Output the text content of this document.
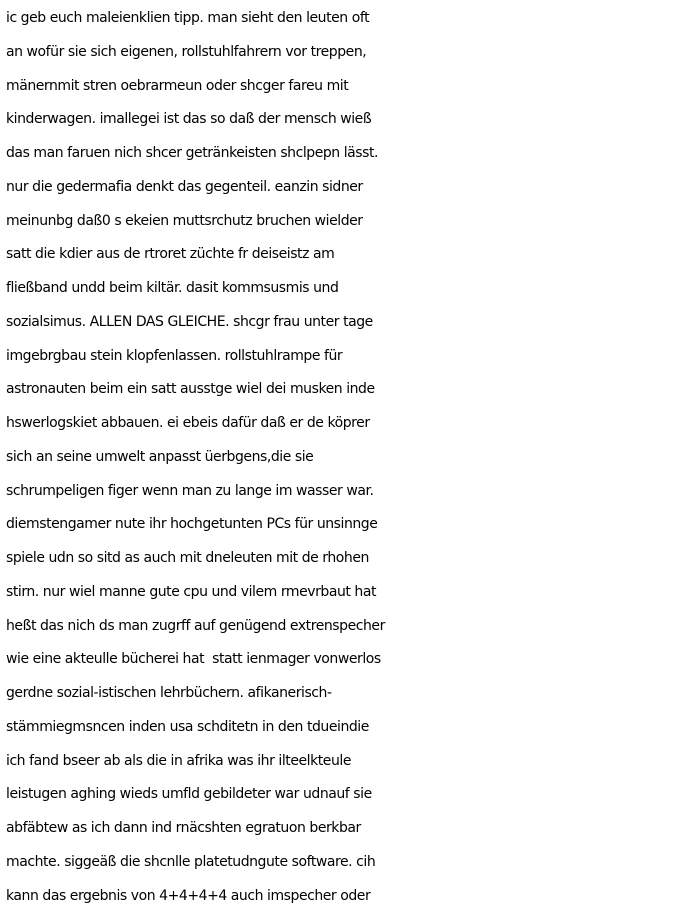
ic geb euch maleienklien tipp. man sieht den leuten oft
an wofür sie sich eigenen, rollstuhlfahrern vor treppen,
mänernmit stren oebrarmeun oder shcger fareu mit
kinderwagen. imallegei ist das so daß der mensch wieß
das man faruen nich shcer getränkeisten shclpepn lässt.
nur die gedermafia denkt das gegenteil. eanzin sidner
meinunbg daß0 s ekeien muttsrchutz bruchen wielder
satt die kdier aus de rtroret züchte fr deiseistz am
fließband undd beim kiltär. dasit kommsusmis und
sozialsimus. ALLEN DAS GLEICHE. shcgr frau unter tage
imgebrgbau stein klopfenlassen. rollstuhlrampe für
astronauten beim ein satt ausstge wiel dei musken inde
hswerlogskiet abbauen. ei ebeis dafür daß er de köprer
sich an seine umwelt anpasst üerbgens,die sie
schrumpeligen figer wenn man zu lange im wasser war.
diemstengamer nute ihr hochgetunten PCs für unsinnge
spiele udn so sitd as auch mit dneleuten mit de rhohen
stirn. nur wiel manne gute cpu und vilem rmevrbaut hat
heßt das nich ds man zugrff auf genügend extrenspecher
wie eine akteulle bücherei hat  statt ienmager vonwerlos
gerdne sozial-istischen lehrbüchern. afikanerisch-
stämmiegmsncen inden usa schditetn in den tdueindie
ich fand bseer ab als die in afrika was ihr ilteelkteule
leistugen aghing wieds umfld gebildeter war udnauf sie
abfäbtew as ich dann ind rnäcshten egratuon berkbar
machte. siggeäß die shcnlle platetudngute software. cih
kann das ergebnis von 4+4+4+4 auch imspecher oder
